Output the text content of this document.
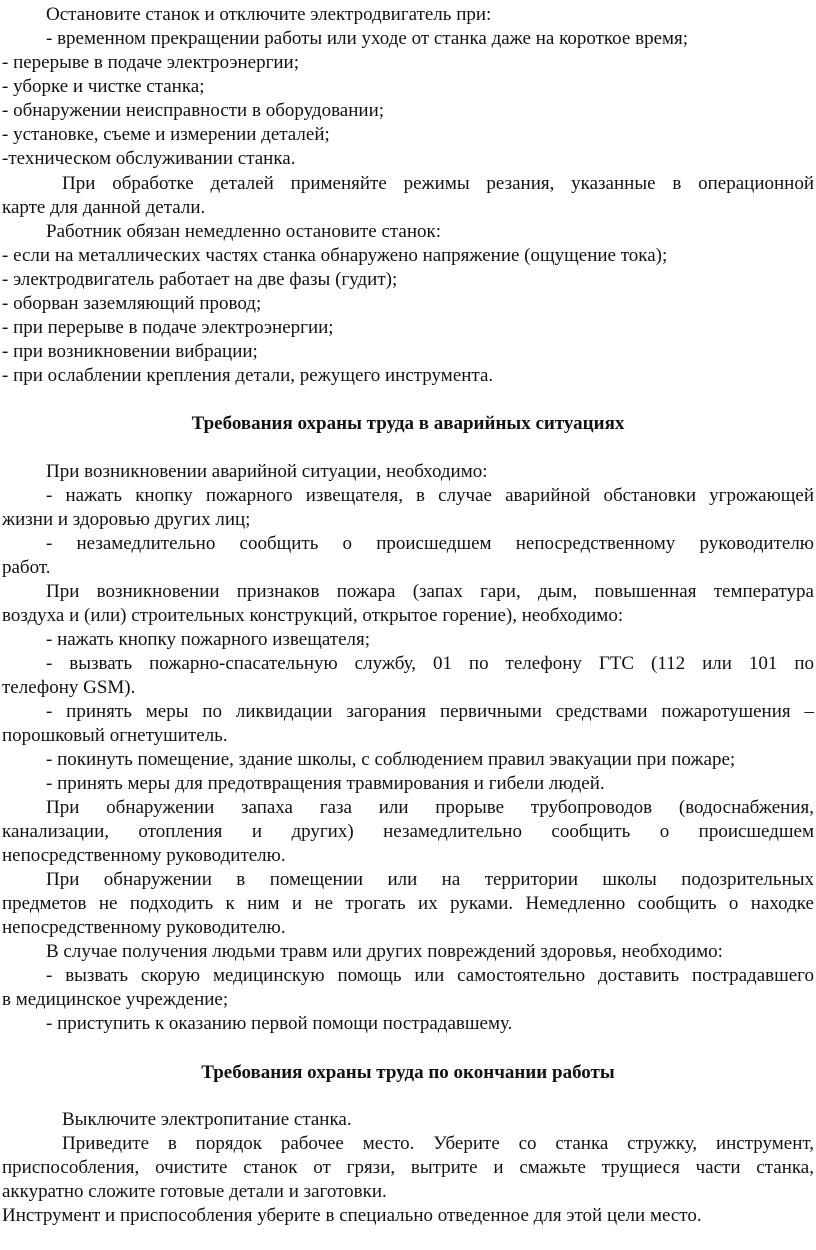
Остановите станок и отключите электродвигатель при:
- временном прекращении работы или уходе от станка даже на короткое время;
- перерыве в подаче электроэнергии;
- уборке и чистке станка;
- обнаружении неисправности в оборудовании;
- установке, съеме и измерении деталей;
-техническом обслуживании станка.
При обработке деталей применяйте режимы резания, указанные в операционной
карте для данной детали.
Работник обязан немедленно остановите станок:
- если на металлических частях станка обнаружено напряжение (ощущение тока);
- электродвигатель работает на две фазы (гудит);
- оборван заземляющий провод;
- при перерыве в подаче электроэнергии;
- при возникновении вибрации;
- при ослаблении крепления детали, режущего инструмента.
Требования охраны труда в аварийных ситуациях
При возникновении аварийной ситуации, необходимо:
- нажать кнопку пожарного извещателя, в случае аварийной обстановки угрожающей
жизни и здоровью других лиц;
- незамедлительно сообщить о происшедшем непосредственному руководителю
работ.
При возникновении признаков пожара (запах гари, дым, повышенная температура
воздуха и (или) строительных конструкций, открытое горение), необходимо:
- нажать кнопку пожарного извещателя;
- вызвать пожарно-спасательную службу, 01 по телефону ГТС (112 или 101 по
телефону GSM).
- принять меры по ликвидации загорания первичными средствами пожаротушения –
порошковый огнетушитель.
- покинуть помещение, здание школы, с соблюдением правил эвакуации при пожаре;
- принять меры для предотвращения травмирования и гибели людей.
При обнаружении запаха газа или прорыве трубопроводов (водоснабжения,
канализации, отопления и других) незамедлительно сообщить о происшедшем
непосредственному руководителю.
При обнаружении в помещении или на территории школы подозрительных
предметов не подходить к ним и не трогать их руками. Немедленно сообщить о находке
непосредственному руководителю.
В случае получения людьми травм или других повреждений здоровья, необходимо:
- вызвать скорую медицинскую помощь или самостоятельно доставить пострадавшего
в медицинское учреждение;
- приступить к оказанию первой помощи пострадавшему.
Требования охраны труда по окончании работы
Выключите электропитание станка.
Приведите в порядок рабочее место. Уберите со станка стружку, инструмент,
приспособления, очистите станок от грязи, вытрите и смажьте трущиеся части станка,
аккуратно сложите готовые детали и заготовки.
Инструмент и приспособления уберите в специально отведенное для этой цели место.
